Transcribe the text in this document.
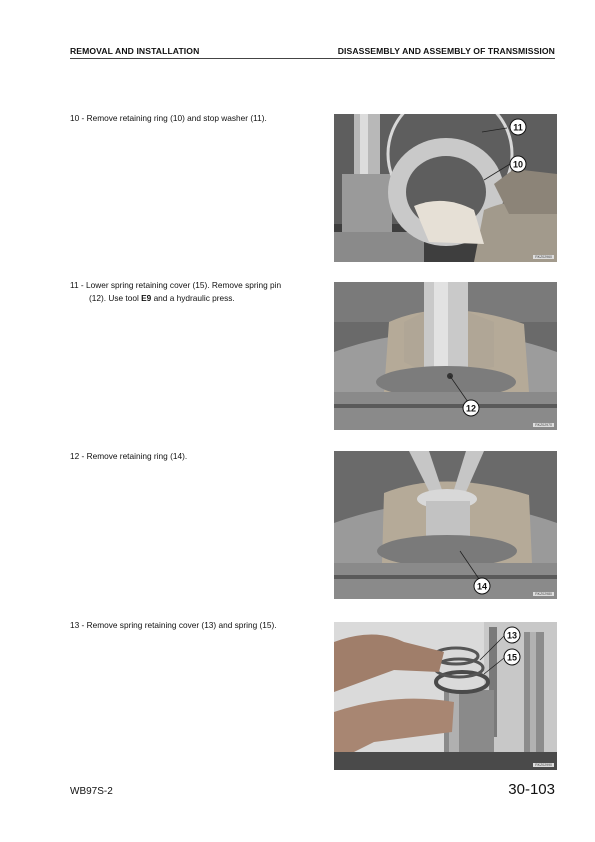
REMOVAL AND INSTALLATION	DISASSEMBLY AND ASSEMBLY OF TRANSMISSION
10 - Remove retaining ring (10) and stop washer (11).
11
10
RKZ02960
11 - Lower spring retaining cover (15). Remove spring pin
(12). Use tool E9 and a hydraulic press.
12
RKZ02970
12 - Remove retaining ring (14).
14
RKZ02980
13 - Remove spring retaining cover (13) and spring (15).
13
15
RKZ02990
WB97S-2	30-103
